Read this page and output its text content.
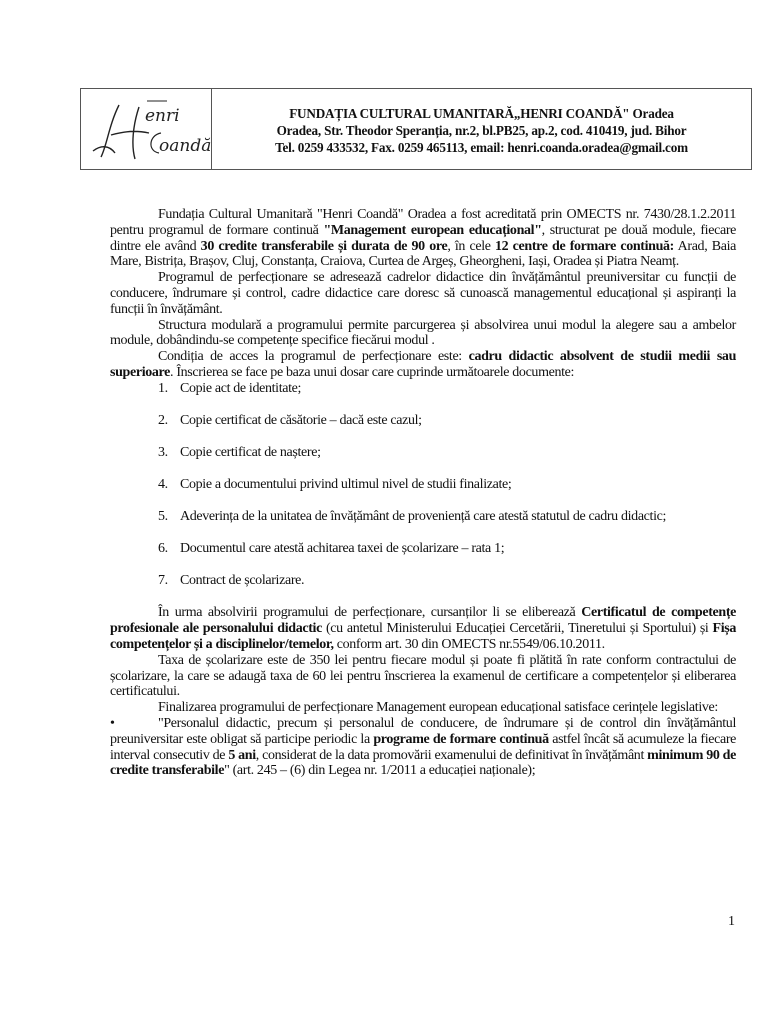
enri
oandă
FUNDAȚIA CULTURAL UMANITARĂ„HENRI COANDĂ" Oradea
Oradea, Str. Theodor Speranția, nr.2, bl.PB25, ap.2, cod. 410419, jud. Bihor
Tel. 0259 433532, Fax. 0259 465113, email: henri.coanda.oradea@gmail.com

Fundația Cultural Umanitară "Henri Coandă" Oradea a fost acreditată prin OMECTS nr. 7430/28.1.2.2011 pentru programul de formare continuă "Management european educațional", structurat pe două module, fiecare dintre ele având 30 credite transferabile și durata de 90 ore, în cele 12 centre de formare continuă: Arad, Baia Mare, Bistrița, Brașov, Cluj, Constanța, Craiova, Curtea de Argeș, Gheorgheni, Iași, Oradea și Piatra Neamț.

Programul de perfecționare se adresează cadrelor didactice din învățământul preuniversitar cu funcții de conducere, îndrumare și control, cadre didactice care doresc să cunoască managementul educațional și aspiranți la funcții în învățământ.

Structura modulară a programului permite parcurgerea și absolvirea unui modul la alegere sau a ambelor module, dobândindu-se competențe specifice fiecărui modul .

Condiția de acces la programul de perfecționare este: cadru didactic absolvent de studii medii sau superioare. Înscrierea se face pe baza unui dosar care cuprinde următoarele documente:

1. Copie act de identitate;
2. Copie certificat de căsătorie – dacă este cazul;
3. Copie certificat de naștere;
4. Copie a documentului privind ultimul nivel de studii finalizate;
5. Adeverința de la unitatea de învățământ de proveniență care atestă statutul de cadru didactic;
6. Documentul care atestă achitarea taxei de școlarizare – rata 1;
7. Contract de școlarizare.

În urma absolvirii programului de perfecționare, cursanților li se eliberează Certificatul de competențe profesionale ale personalului didactic (cu antetul Ministerului Educației Cercetării, Tineretului și Sportului) și Fișa competențelor și a disciplinelor/temelor, conform art. 30 din OMECTS nr.5549/06.10.2011.

Taxa de școlarizare este de 350 lei pentru fiecare modul și poate fi plătită în rate conform contractului de școlarizare, la care se adaugă taxa de 60 lei pentru înscrierea la examenul de certificare a competențelor și eliberarea certificatului.

Finalizarea programului de perfecționare Management european educațional satisface cerințele legislative:

•	"Personalul didactic, precum și personalul de conducere, de îndrumare și de control din învățământul preuniversitar este obligat să participe periodic la programe de formare continuă astfel încât să acumuleze la fiecare interval consecutiv de 5 ani, considerat de la data promovării examenului de definitivat în învățământ minimum 90 de credite transferabile" (art. 245 – (6) din Legea nr. 1/2011 a educației naționale);

1
